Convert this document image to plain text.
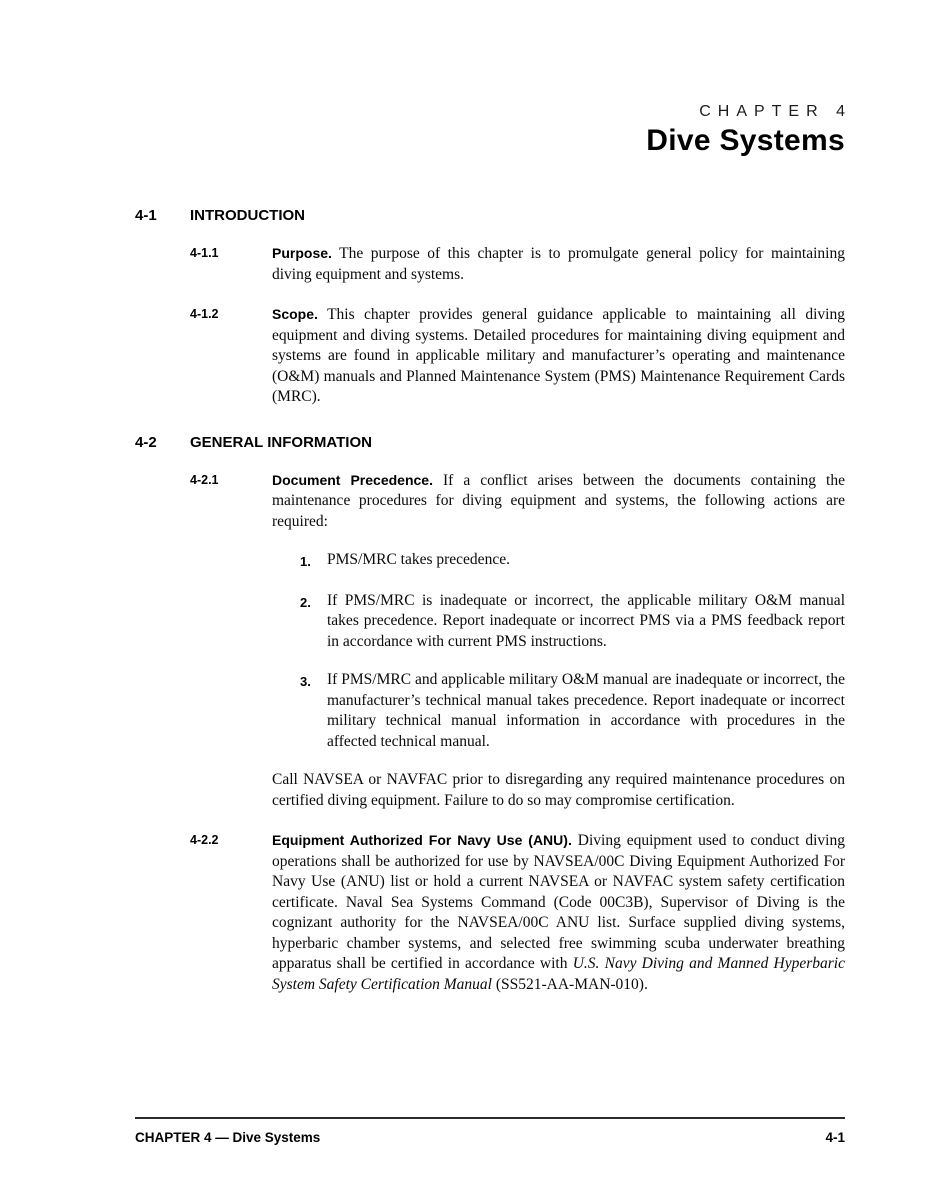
CHAPTER 4
Dive Systems
4-1	INTRODUCTION
4-1.1	Purpose. The purpose of this chapter is to promulgate general policy for maintaining diving equipment and systems.

4-1.2	Scope. This chapter provides general guidance applicable to maintaining all diving equipment and diving systems. Detailed procedures for maintaining diving equipment and systems are found in applicable military and manufacturer’s operating and maintenance (O&M) manuals and Planned Maintenance System (PMS) Maintenance Requirement Cards (MRC).

4-2	GENERAL INFORMATION
4-2.1	Document Precedence. If a conflict arises between the documents containing the maintenance procedures for diving equipment and systems, the following actions are required:

1.	PMS/MRC takes precedence.

2.	If PMS/MRC is inadequate or incorrect, the applicable military O&M manual takes precedence. Report inadequate or incorrect PMS via a PMS feedback report in accordance with current PMS instructions.

3.	If PMS/MRC and applicable military O&M manual are inadequate or incorrect, the manufacturer’s technical manual takes precedence. Report inadequate or incorrect military technical manual information in accordance with procedures in the affected technical manual.

Call NAVSEA or NAVFAC prior to disregarding any required maintenance procedures on certified diving equipment. Failure to do so may compromise certification.

4-2.2	Equipment Authorized For Navy Use (ANU). Diving equipment used to conduct diving operations shall be authorized for use by NAVSEA/00C Diving Equipment Authorized For Navy Use (ANU) list or hold a current NAVSEA or NAVFAC system safety certification certificate. Naval Sea Systems Command (Code 00C3B), Supervisor of Diving is the cognizant authority for the NAVSEA/00C ANU list. Surface supplied diving systems, hyperbaric chamber systems, and selected free swimming scuba underwater breathing apparatus shall be certified in accordance with U.S. Navy Diving and Manned Hyperbaric System Safety Certification Manual (SS521-AA-MAN-010).

CHAPTER 4 — Dive Systems	4-1
